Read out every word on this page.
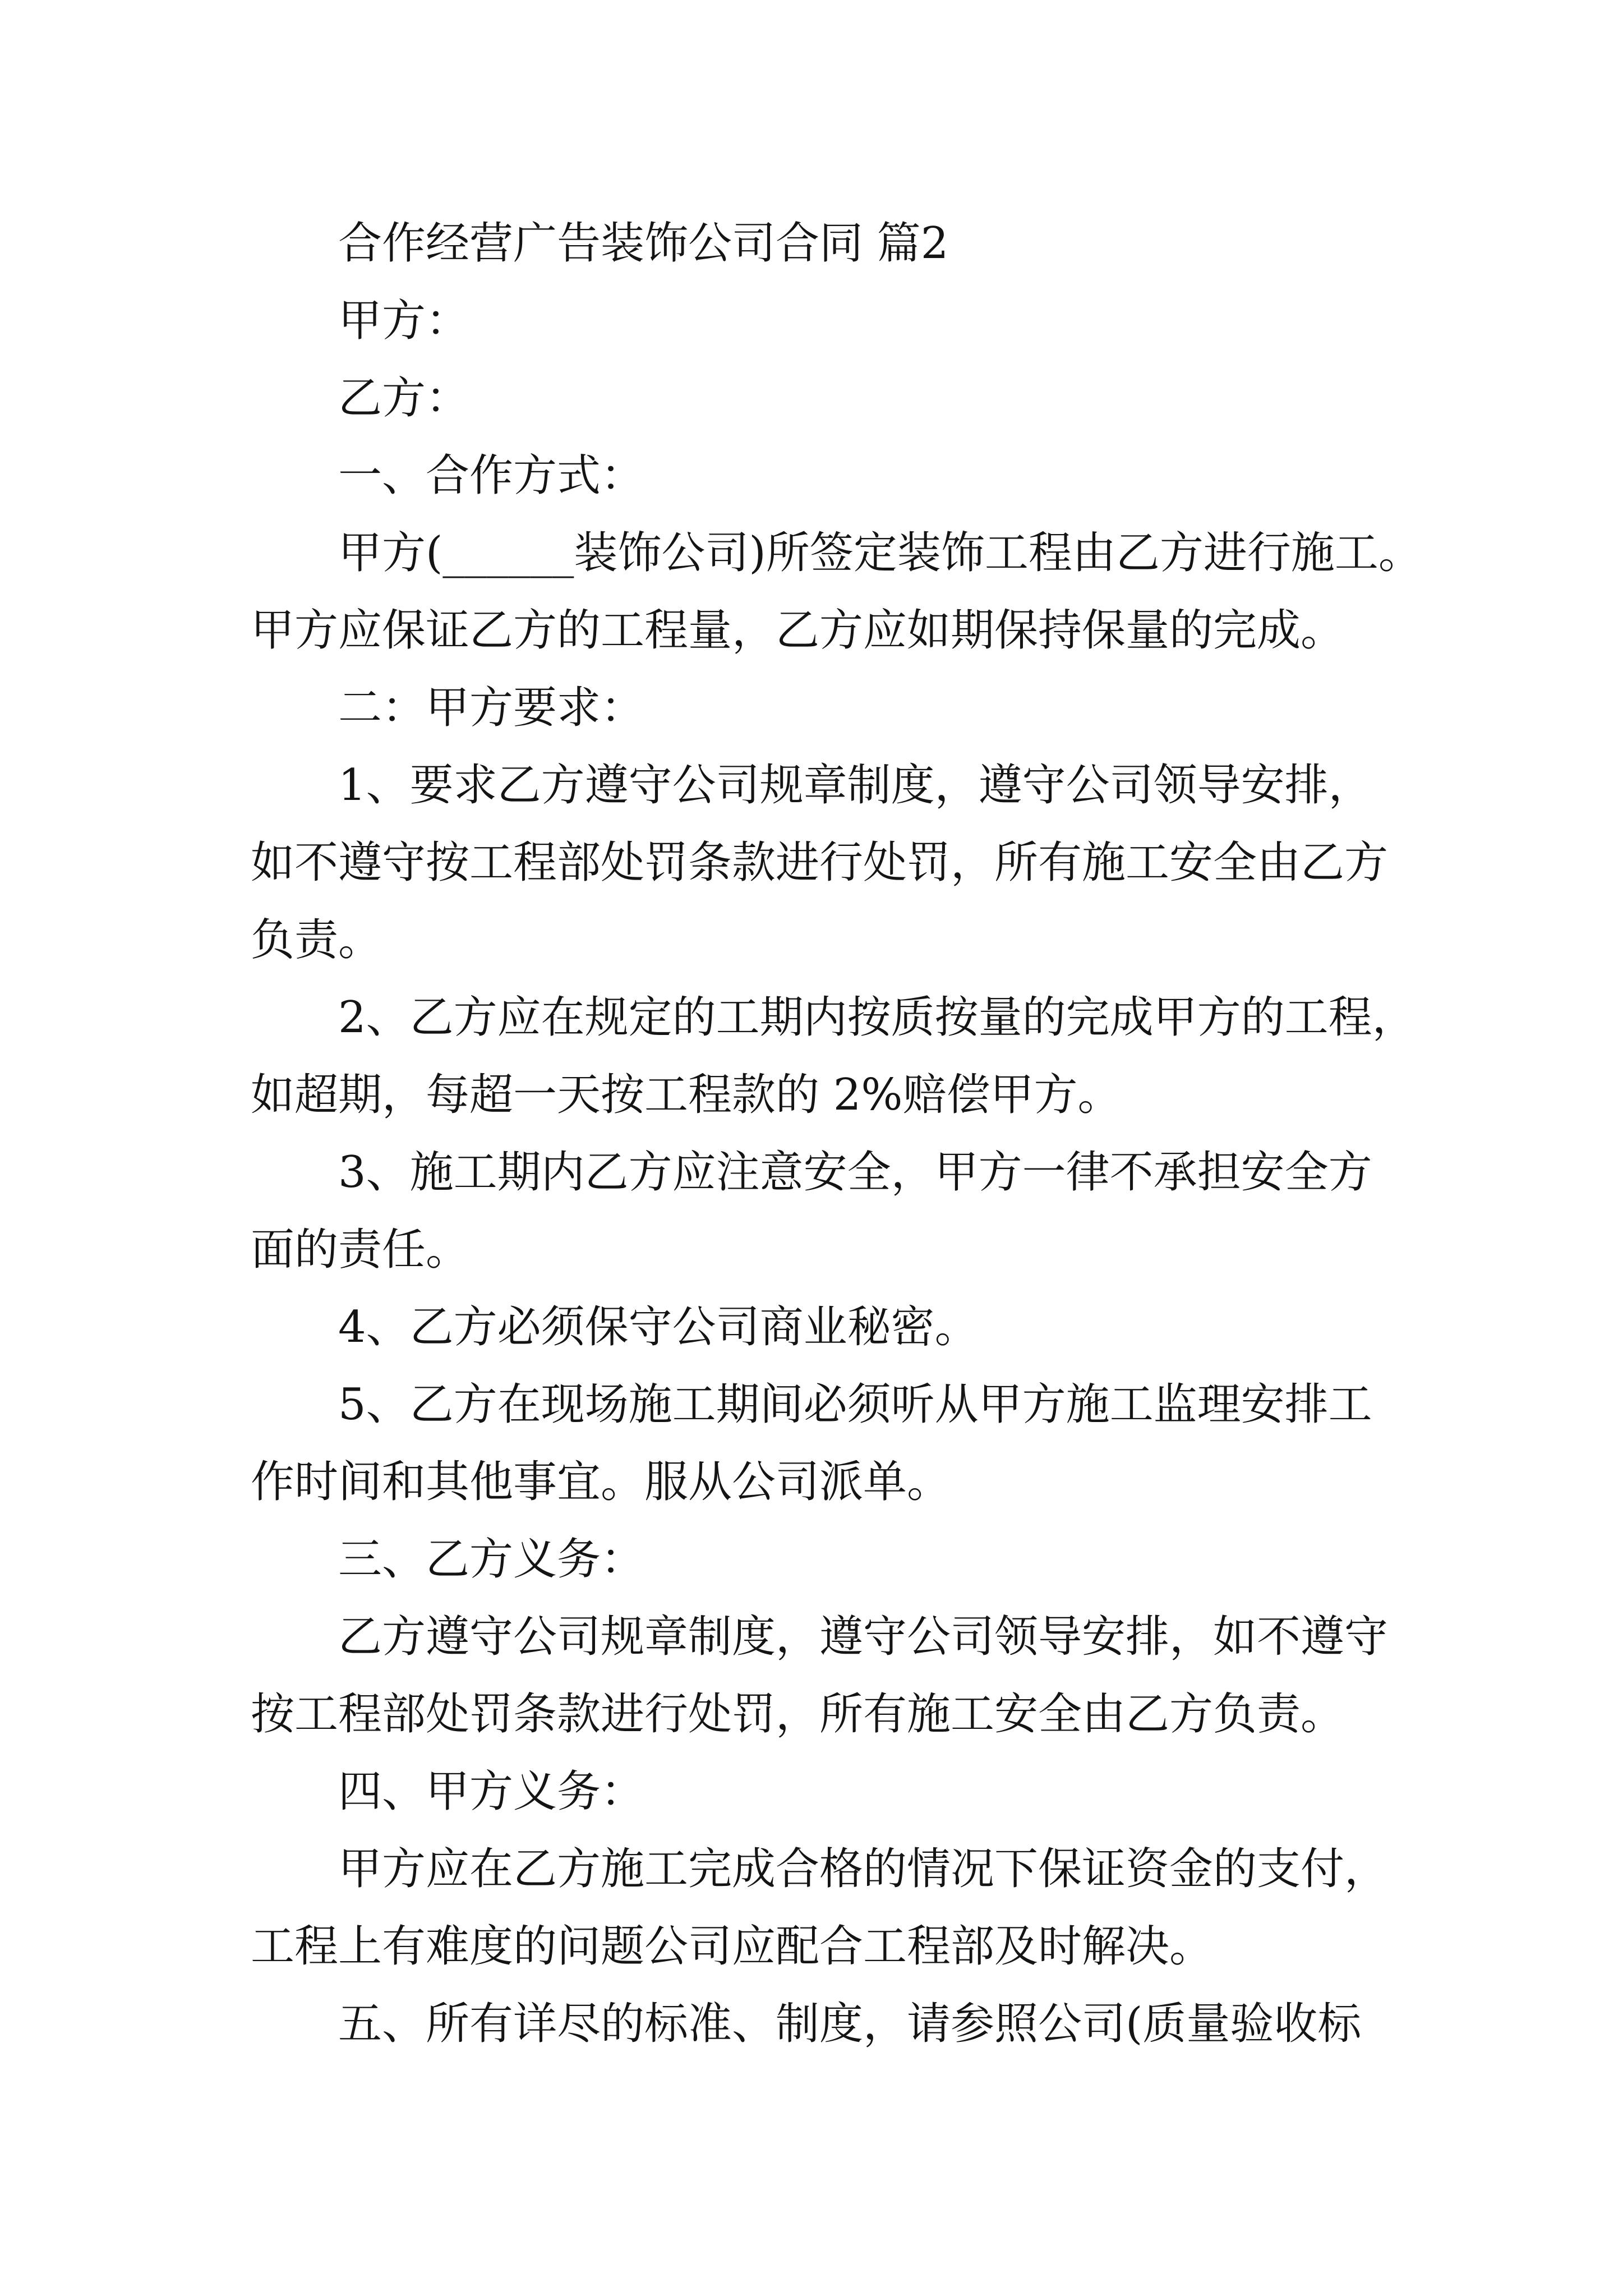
合作经营广告装饰公司合同 篇2
甲方：
乙方：
一、合作方式：
甲方(______装饰公司)所签定装饰工程由乙方进行施工。
甲方应保证乙方的工程量，乙方应如期保持保量的完成。
二：甲方要求：
1、要求乙方遵守公司规章制度，遵守公司领导安排，
如不遵守按工程部处罚条款进行处罚，所有施工安全由乙方
负责。
2、乙方应在规定的工期内按质按量的完成甲方的工程，
如超期，每超一天按工程款的 2%赔偿甲方。
3、施工期内乙方应注意安全，甲方一律不承担安全方
面的责任。
4、乙方必须保守公司商业秘密。
5、乙方在现场施工期间必须听从甲方施工监理安排工
作时间和其他事宜。服从公司派单。
三、乙方义务：
乙方遵守公司规章制度，遵守公司领导安排，如不遵守
按工程部处罚条款进行处罚，所有施工安全由乙方负责。
四、甲方义务：
甲方应在乙方施工完成合格的情况下保证资金的支付，
工程上有难度的问题公司应配合工程部及时解决。
五、所有详尽的标准、制度，请参照公司(质量验收标
